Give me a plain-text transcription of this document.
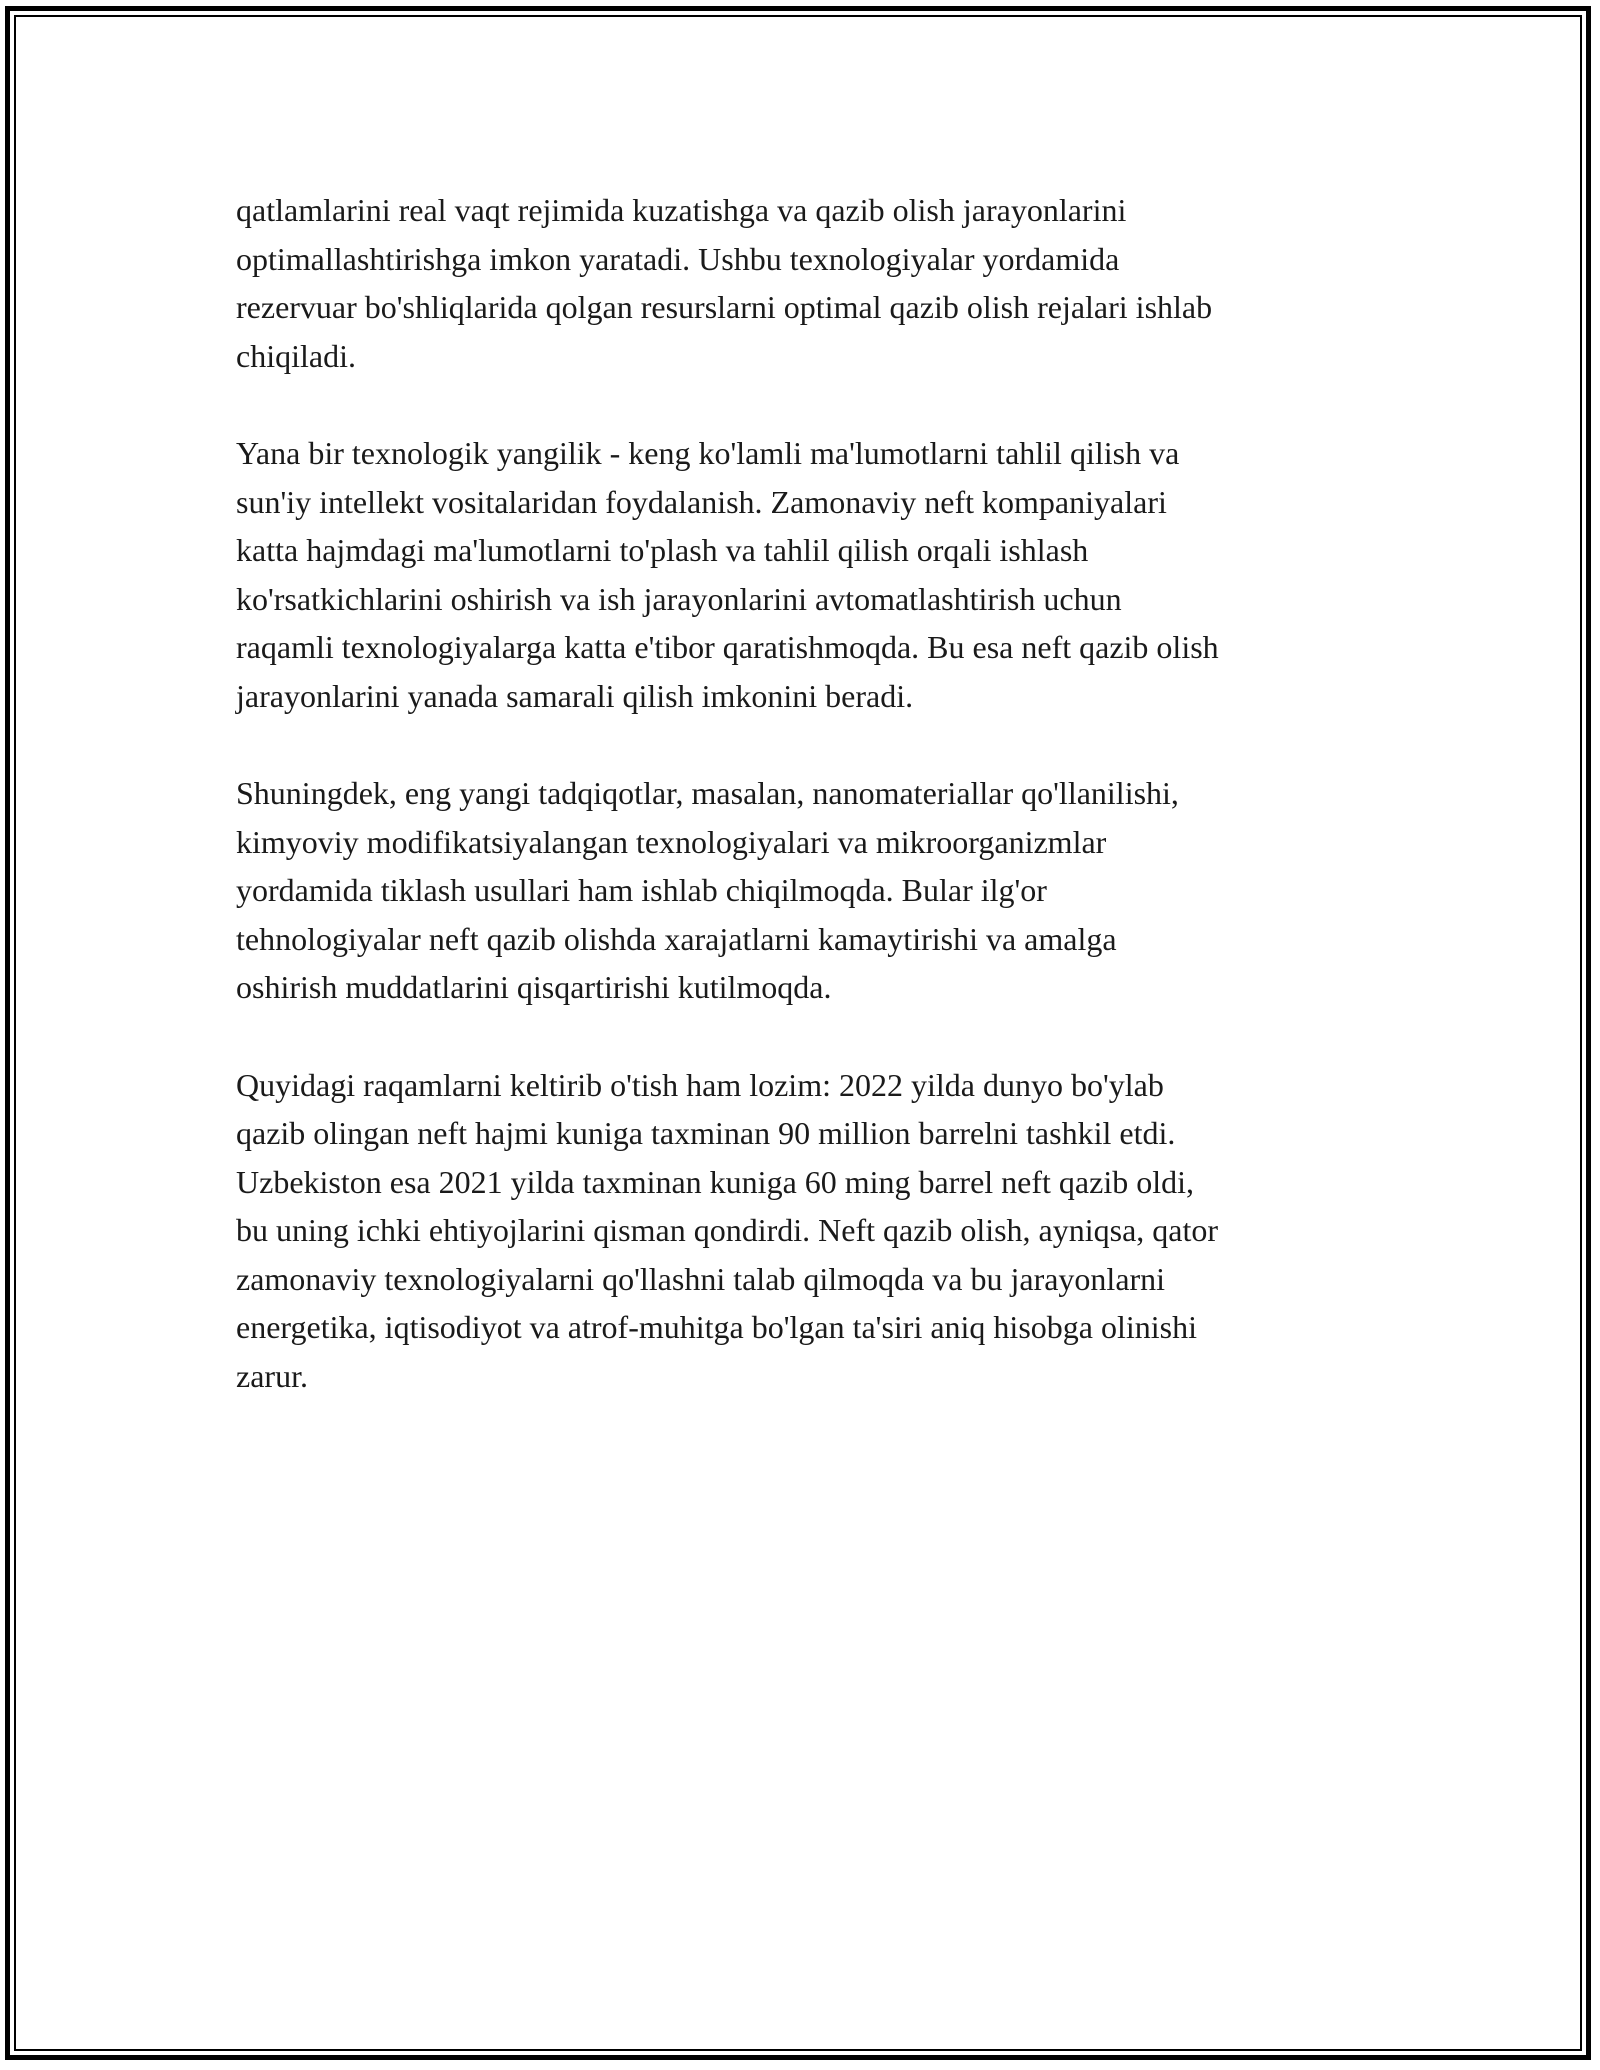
qatlamlarini real vaqt rejimida kuzatishga va qazib olish jarayonlarini
optimallashtirishga imkon yaratadi. Ushbu texnologiyalar yordamida
rezervuar bo'shliqlarida qolgan resurslarni optimal qazib olish rejalari ishlab
chiqiladi.

Yana bir texnologik yangilik - keng ko'lamli ma'lumotlarni tahlil qilish va
sun'iy intellekt vositalaridan foydalanish. Zamonaviy neft kompaniyalari
katta hajmdagi ma'lumotlarni to'plash va tahlil qilish orqali ishlash
ko'rsatkichlarini oshirish va ish jarayonlarini avtomatlashtirish uchun
raqamli texnologiyalarga katta e'tibor qaratishmoqda. Bu esa neft qazib olish
jarayonlarini yanada samarali qilish imkonini beradi.

Shuningdek, eng yangi tadqiqotlar, masalan, nanomateriallar qo'llanilishi,
kimyoviy modifikatsiyalangan texnologiyalari va mikroorganizmlar
yordamida tiklash usullari ham ishlab chiqilmoqda. Bular ilg'or
tehnologiyalar neft qazib olishda xarajatlarni kamaytirishi va amalga
oshirish muddatlarini qisqartirishi kutilmoqda.

Quyidagi raqamlarni keltirib o'tish ham lozim: 2022 yilda dunyo bo'ylab
qazib olingan neft hajmi kuniga taxminan 90 million barrelni tashkil etdi.
Uzbekiston esa 2021 yilda taxminan kuniga 60 ming barrel neft qazib oldi,
bu uning ichki ehtiyojlarini qisman qondirdi. Neft qazib olish, ayniqsa, qator
zamonaviy texnologiyalarni qo'llashni talab qilmoqda va bu jarayonlarni
energetika, iqtisodiyot va atrof-muhitga bo'lgan ta'siri aniq hisobga olinishi
zarur.
